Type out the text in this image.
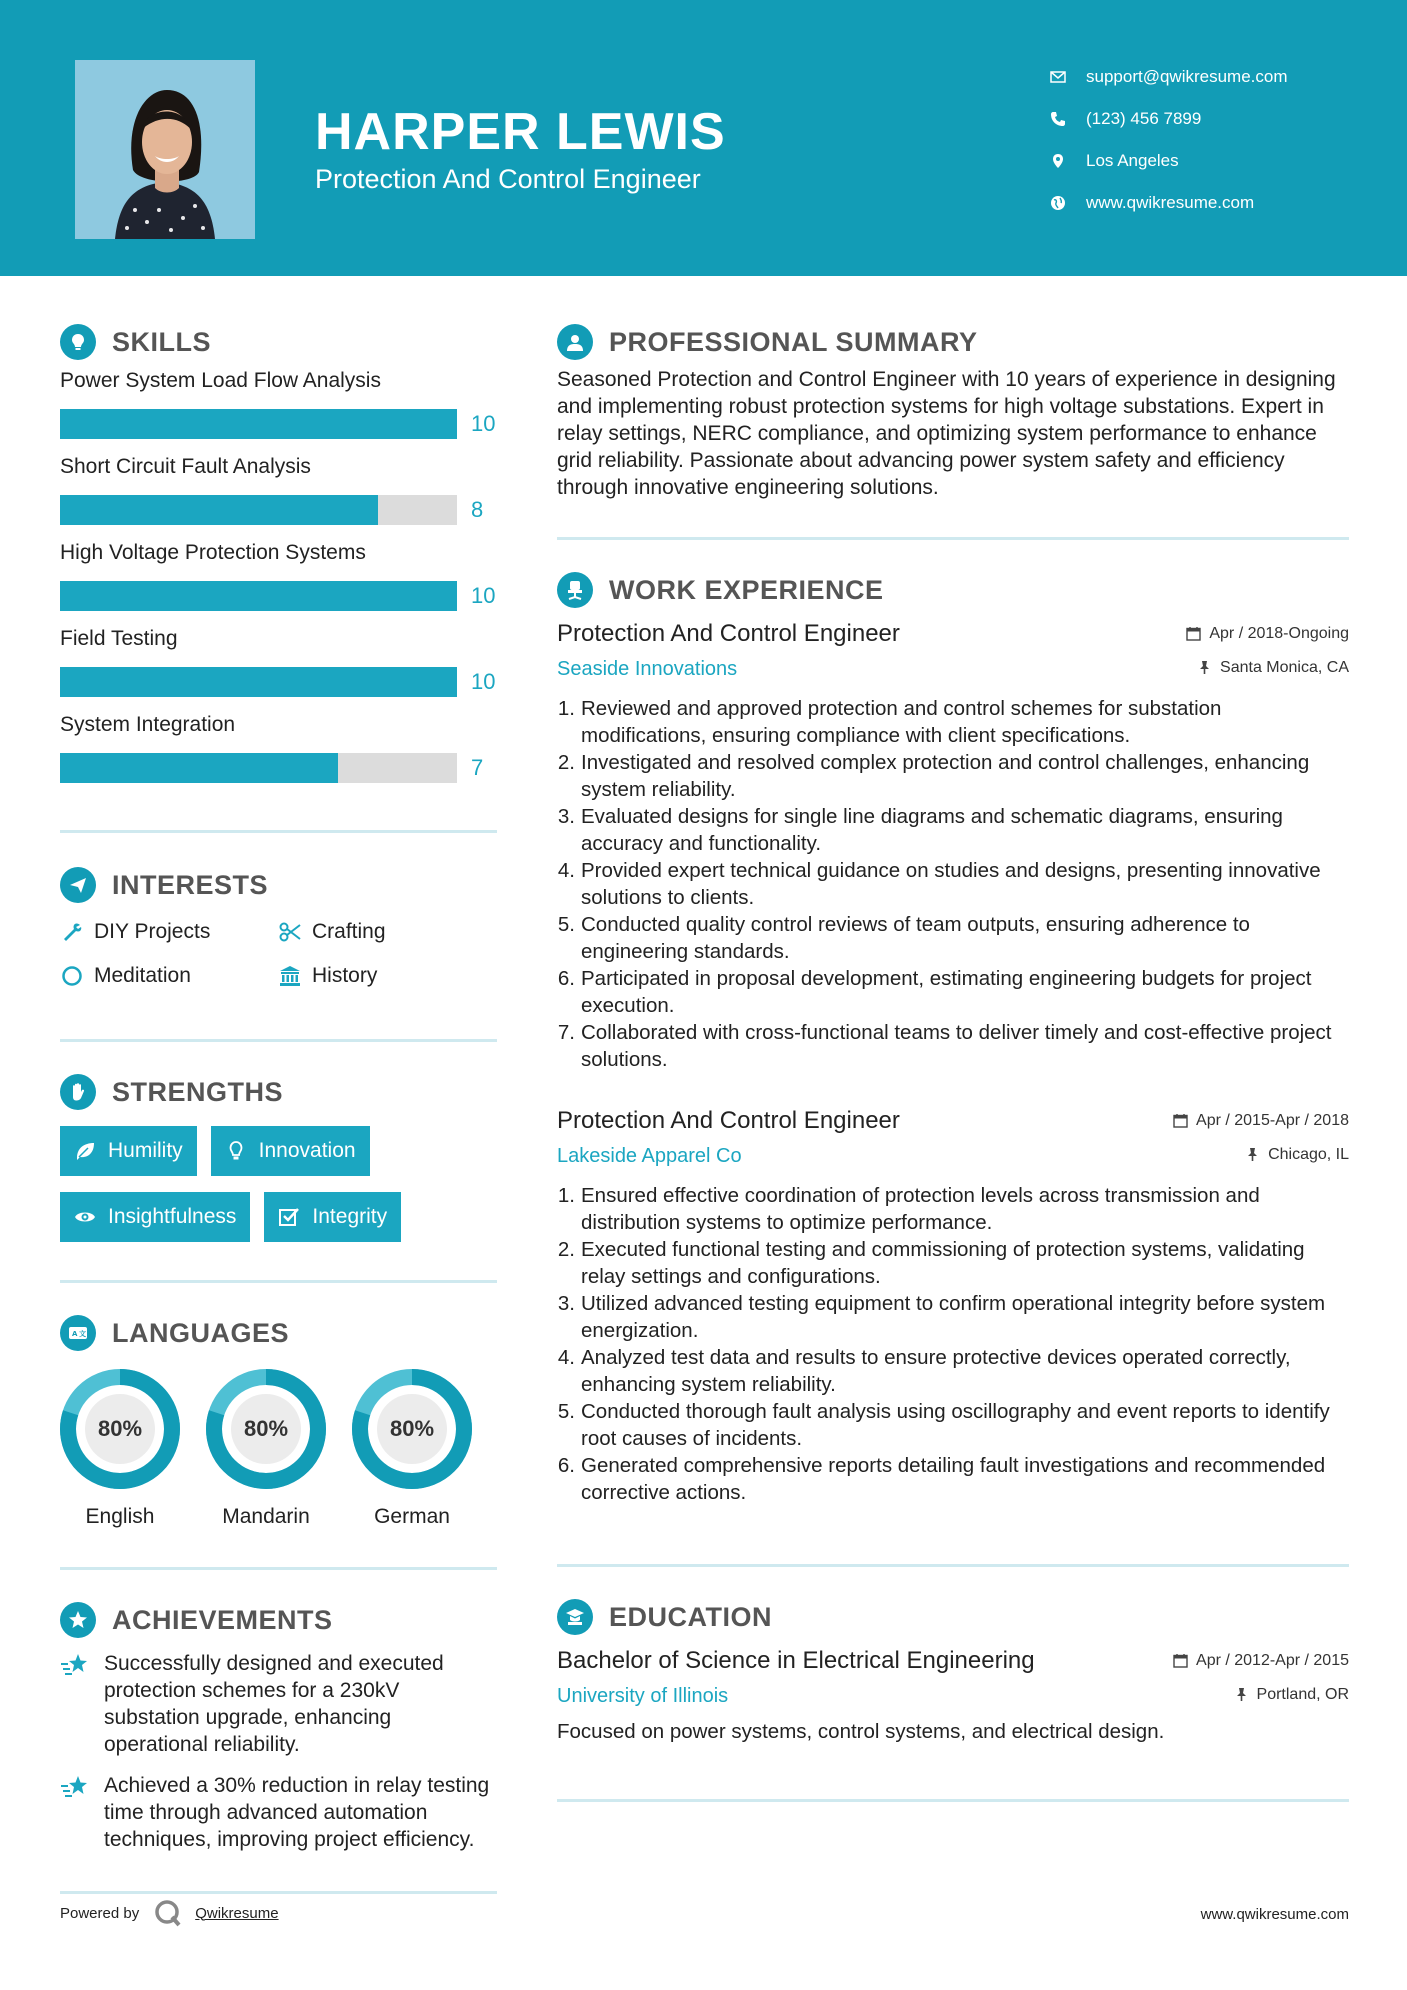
HARPER LEWIS
Protection And Control Engineer
support@qwikresume.com
(123) 456 7899
Los Angeles
www.qwikresume.com
SKILLS
Power System Load Flow Analysis
10
Short Circuit Fault Analysis
8
High Voltage Protection Systems
10
Field Testing
10
System Integration
7
INTERESTS
DIY Projects	Crafting
Meditation	History
STRENGTHS
Humility	Innovation
Insightfulness	Integrity
A 文 LANGUAGES
80%
English
80%
Mandarin
80%
German
ACHIEVEMENTS

Successfully designed and executed protection schemes for a 230kV substation upgrade, enhancing operational reliability.

Achieved a 30% reduction in relay testing time through advanced automation techniques, improving project efficiency.

PROFESSIONAL SUMMARY

Seasoned Protection and Control Engineer with 10 years of experience in designing and implementing robust protection systems for high voltage substations. Expert in relay settings, NERC compliance, and optimizing system performance to enhance grid reliability. Passionate about advancing power system safety and efficiency through innovative engineering solutions.

WORK EXPERIENCE
Protection And Control Engineer	Apr / 2018-Ongoing
Seaside Innovations	Santa Monica, CA
1. Reviewed and approved protection and control schemes for substation modifications, ensuring compliance with client specifications.
2. Investigated and resolved complex protection and control challenges, enhancing system reliability.
3. Evaluated designs for single line diagrams and schematic diagrams, ensuring accuracy and functionality.
4. Provided expert technical guidance on studies and designs, presenting innovative solutions to clients.
5. Conducted quality control reviews of team outputs, ensuring adherence to engineering standards.
6. Participated in proposal development, estimating engineering budgets for project execution.
7. Collaborated with cross-functional teams to deliver timely and cost-effective project solutions.
Protection And Control Engineer	Apr / 2015-Apr / 2018
Lakeside Apparel Co	Chicago, IL
1. Ensured effective coordination of protection levels across transmission and distribution systems to optimize performance.
2. Executed functional testing and commissioning of protection systems, validating relay settings and configurations.
3. Utilized advanced testing equipment to confirm operational integrity before system energization.
4. Analyzed test data and results to ensure protective devices operated correctly, enhancing system reliability.
5. Conducted thorough fault analysis using oscillography and event reports to identify root causes of incidents.
6. Generated comprehensive reports detailing fault investigations and recommended corrective actions.
EDUCATION
Bachelor of Science in Electrical Engineering	Apr / 2012-Apr / 2015
University of Illinois	Portland, OR

Focused on power systems, control systems, and electrical design.

Powered by	Qwikresume	www.qwikresume.com
